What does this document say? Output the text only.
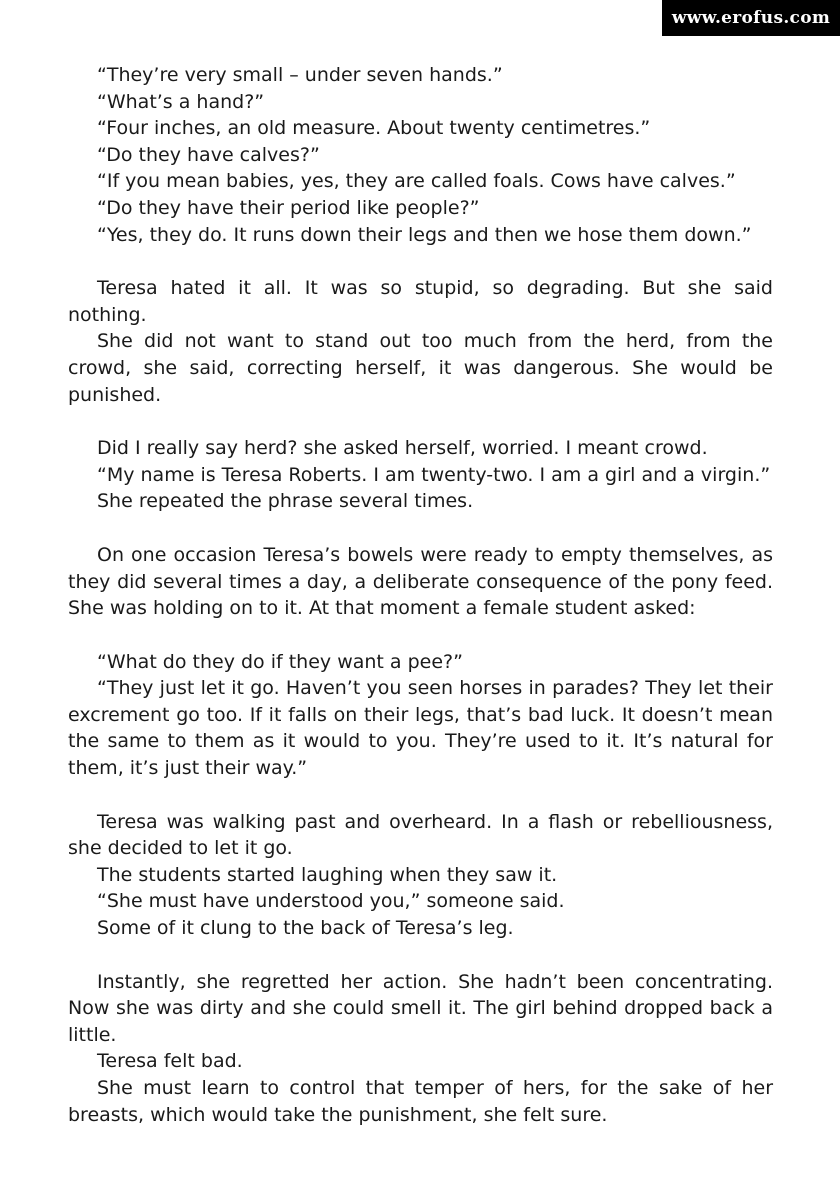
www.erofus.com

“They’re very small – under seven hands.”

“What’s a hand?”

“Four inches, an old measure. About twenty centimetres.”

“Do they have calves?”

“If you mean babies, yes, they are called foals. Cows have calves.”

“Do they have their period like people?”

“Yes, they do. It runs down their legs and then we hose them down.”

Teresa hated it all. It was so stupid, so degrading. But she said nothing.

She did not want to stand out too much from the herd, from the crowd, she said, correcting herself, it was dangerous. She would be punished.

Did I really say herd? she asked herself, worried. I meant crowd.

“My name is Teresa Roberts. I am twenty-two. I am a girl and a virgin.”

She repeated the phrase several times.

On one occasion Teresa’s bowels were ready to empty themselves, as they did several times a day, a deliberate consequence of the pony feed. She was holding on to it. At that moment a female student asked:

“What do they do if they want a pee?”

“They just let it go. Haven’t you seen horses in parades? They let their excrement go too. If it falls on their legs, that’s bad luck. It doesn’t mean the same to them as it would to you. They’re used to it. It’s natural for them, it’s just their way.”

Teresa was walking past and overheard. In a flash or rebelliousness, she decided to let it go.

The students started laughing when they saw it.

“She must have understood you,” someone said.

Some of it clung to the back of Teresa’s leg.

Instantly, she regretted her action. She hadn’t been concentrating. Now she was dirty and she could smell it. The girl behind dropped back a little.

Teresa felt bad.

She must learn to control that temper of hers, for the sake of her breasts, which would take the punishment, she felt sure.
